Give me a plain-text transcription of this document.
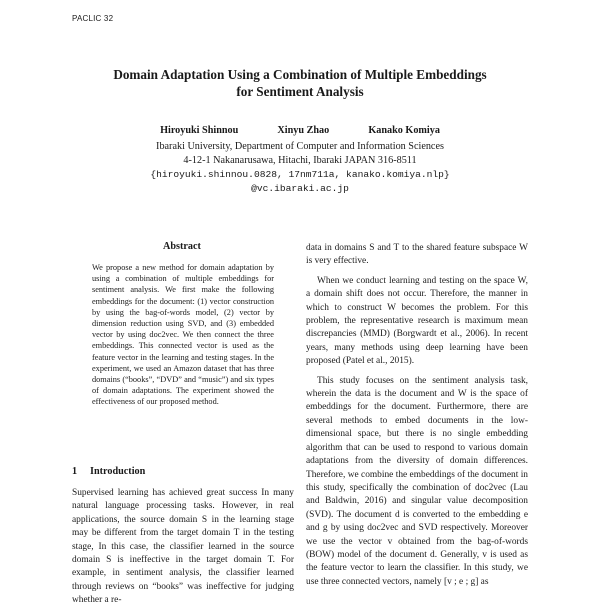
PACLIC 32
Domain Adaptation Using a Combination of Multiple Embeddings
for Sentiment Analysis
Hiroyuki Shinnou	Xinyu Zhao	Kanako Komiya
Ibaraki University, Department of Computer and Information Sciences
4-12-1 Nakanarusawa, Hitachi, Ibaraki JAPAN 316-8511
{hiroyuki.shinnou.0828, 17nm711a, kanako.komiya.nlp}
@vc.ibaraki.ac.jp
Abstract

We propose a new method for domain adaptation by using a combination of multiple embeddings for sentiment analysis. We first make the following embeddings for the document: (1) vector construction by using the bag-of-words model, (2) vector by dimension reduction using SVD, and (3) embedded vector by using doc2vec. We then connect the three embeddings. This connected vector is used as the feature vector in the learning and testing stages. In the experiment, we used an Amazon dataset that has three domains (“books”, “DVD” and “music”) and six types of domain adaptations. The experiment showed the effectiveness of our proposed method.

1 Introduction

Supervised learning has achieved great success In many natural language processing tasks. However, in real applications, the source domain S in the learning stage may be different from the target domain T in the testing stage, In this case, the classifier learned in the source domain S is ineffective in the target domain T. For example, in sentiment analysis, the classifier learned through reviews on “books” was ineffective for judging whether a re-

data in domains S and T to the shared feature subspace W is very effective.

When we conduct learning and testing on the space W, a domain shift does not occur. Therefore, the manner in which to construct W becomes the problem. For this problem, the representative research is maximum mean discrepancies (MMD) (Borgwardt et al., 2006). In recent years, many methods using deep learning have been proposed (Patel et al., 2015).

This study focuses on the sentiment analysis task, wherein the data is the document and W is the space of embeddings for the document. Furthermore, there are several methods to embed documents in the low-dimensional space, but there is no single embedding algorithm that can be used to respond to various domain adaptations from the diversity of domain differences. Therefore, we combine the embeddings of the document in this study, specifically the combination of doc2vec (Lau and Baldwin, 2016) and singular value decomposition (SVD). The document d is converted to the embedding e and g by using doc2vec and SVD respectively. Moreover we use the vector v obtained from the bag-of-words (BOW) model of the document d. Generally, v is used as the feature vector to learn the classifier. In this study, we use three connected vectors, namely [v ; e ; g] as
